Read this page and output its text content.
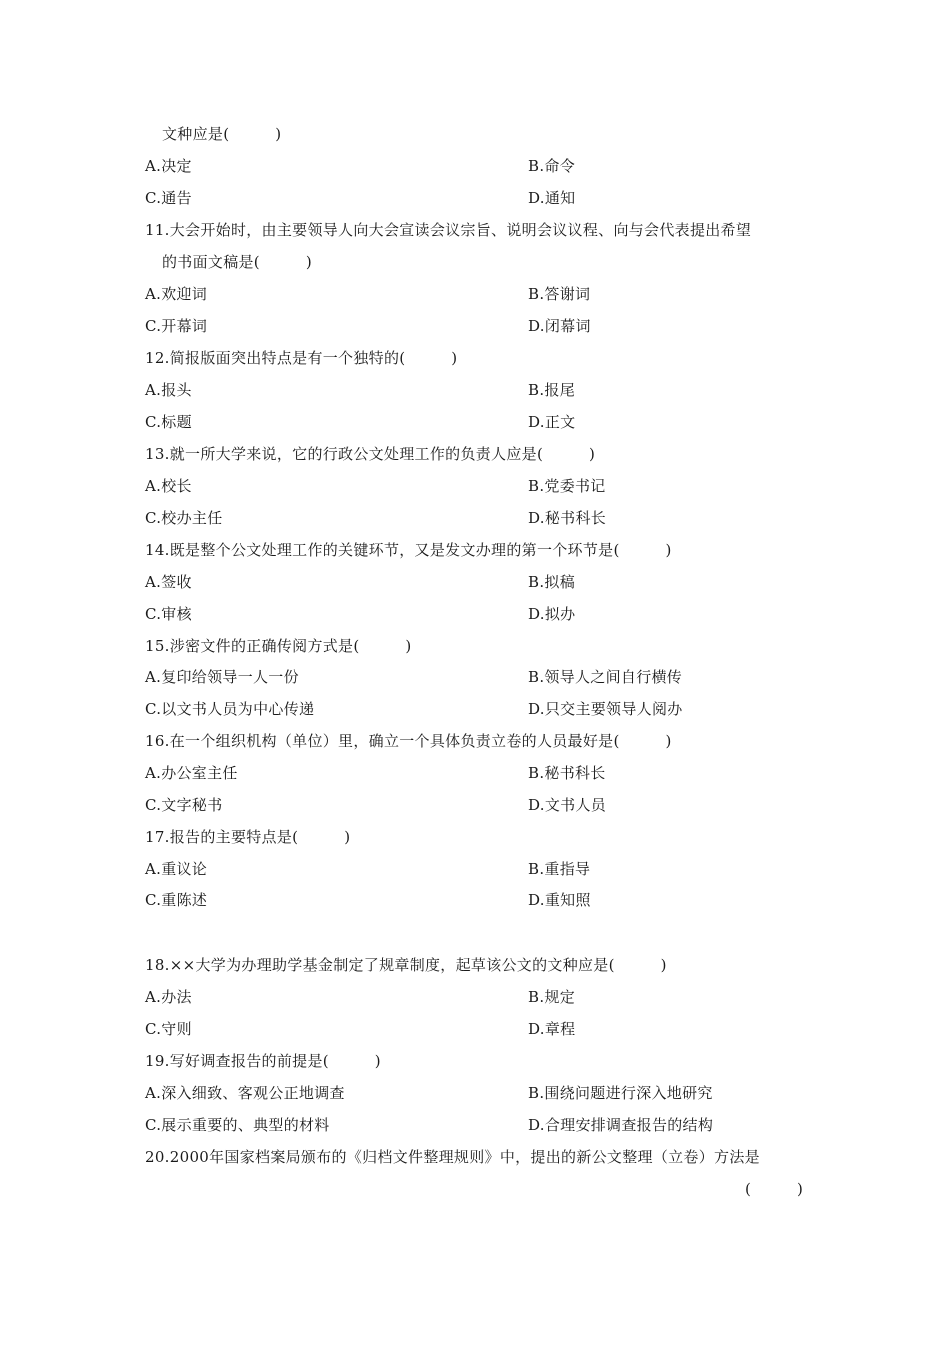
文种应是(　　　)
A.决定	B.命令
C.通告	D.通知
11.大会开始时，由主要领导人向大会宣读会议宗旨、说明会议议程、向与会代表提出希望
的书面文稿是(　　　)
A.欢迎词	B.答谢词
C.开幕词	D.闭幕词
12.简报版面突出特点是有一个独特的(　　　)
A.报头	B.报尾
C.标题	D.正文
13.就一所大学来说，它的行政公文处理工作的负责人应是(　　　)
A.校长	B.党委书记
C.校办主任	D.秘书科长
14.既是整个公文处理工作的关键环节，又是发文办理的第一个环节是(　　　)
A.签收	B.拟稿
C.审核	D.拟办
15.涉密文件的正确传阅方式是(　　　)
A.复印给领导一人一份	B.领导人之间自行横传
C.以文书人员为中心传递	D.只交主要领导人阅办
16.在一个组织机构（单位）里，确立一个具体负责立卷的人员最好是(　　　)
A.办公室主任	B.秘书科长
C.文字秘书	D.文书人员
17.报告的主要特点是(　　　)
A.重议论	B.重指导
C.重陈述	D.重知照
18.××大学为办理助学基金制定了规章制度，起草该公文的文种应是(　　　)
A.办法	B.规定
C.守则	D.章程
19.写好调查报告的前提是(　　　)
A.深入细致、客观公正地调查	B.围绕问题进行深入地研究
C.展示重要的、典型的材料	D.合理安排调查报告的结构
20.2000年国家档案局颁布的《归档文件整理规则》中，提出的新公文整理（立卷）方法是
(　　　)
